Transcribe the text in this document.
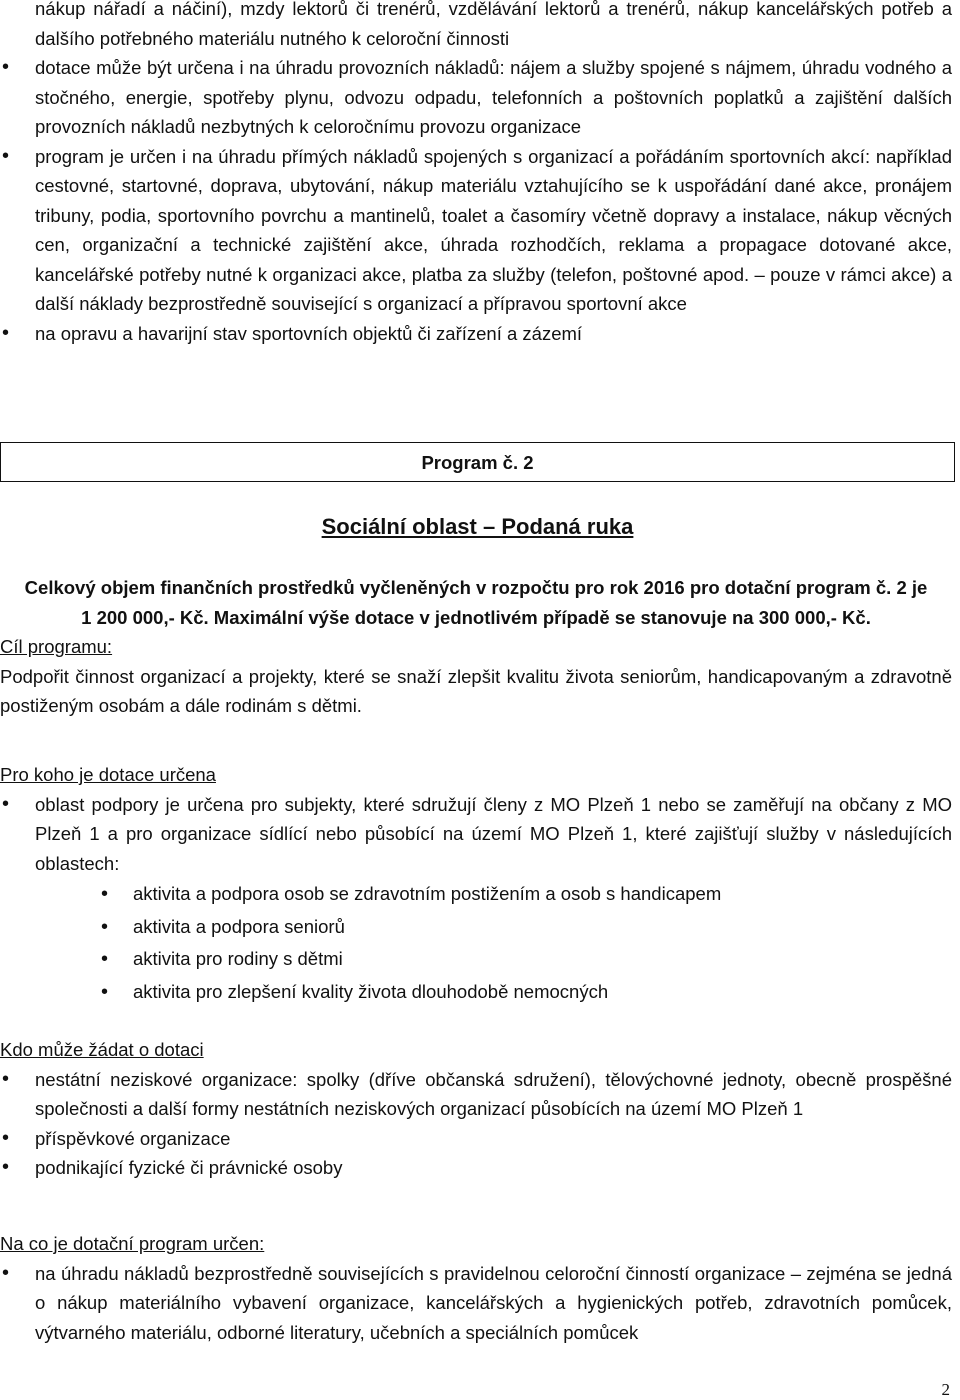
nákup nářadí a náčiní), mzdy lektorů či trenérů, vzdělávání lektorů a trenérů, nákup kancelářských potřeb a dalšího potřebného materiálu nutného k celoroční činnosti

• dotace může být určena i na úhradu provozních nákladů: nájem a služby spojené s nájmem, úhradu vodného a stočného, energie, spotřeby plynu, odvozu odpadu, telefonních a poštovních poplatků a zajištění dalších provozních nákladů nezbytných k celoročnímu provozu organizace
• program je určen i na úhradu přímých nákladů spojených s organizací a pořádáním sportovních akcí: například cestovné, startovné, doprava, ubytování, nákup materiálu vztahujícího se k uspořádání dané akce, pronájem tribuny, podia, sportovního povrchu a mantinelů, toalet a časomíry včetně dopravy a instalace, nákup věcných cen, organizační a technické zajištění akce, úhrada rozhodčích, reklama a propagace dotované akce, kancelářské potřeby nutné k organizaci akce, platba za služby (telefon, poštovné apod. – pouze v rámci akce) a další náklady bezprostředně související s organizací a přípravou sportovní akce
• na opravu a havarijní stav sportovních objektů či zařízení a zázemí
Program č. 2
Sociální oblast – Podaná ruka

Celkový objem finančních prostředků vyčleněných v rozpočtu pro rok 2016 pro dotační program č. 2 je

1 200 000,- Kč. Maximální výše dotace v jednotlivém případě se stanovuje na 300 000,- Kč.

Cíl programu:

Podpořit činnost organizací a projekty, které se snaží zlepšit kvalitu života seniorům, handicapovaným a zdravotně postiženým osobám a dále rodinám s dětmi.

Pro koho je dotace určena

• oblast podpory je určena pro subjekty, které sdružují členy z MO Plzeň 1 nebo se zaměřují na občany z MO Plzeň 1 a pro organizace sídlící nebo působící na území MO Plzeň 1, které zajišťují služby v následujících oblastech:
• aktivita a podpora osob se zdravotním postižením a osob s handicapem
• aktivita a podpora seniorů
• aktivita pro rodiny s dětmi
• aktivita pro zlepšení kvality života dlouhodobě nemocných

Kdo může žádat o dotaci

• nestátní neziskové organizace: spolky (dříve občanská sdružení), tělovýchovné jednoty, obecně prospěšné společnosti a další formy nestátních neziskových organizací působících na území MO Plzeň 1
• příspěvkové organizace
• podnikající fyzické či právnické osoby

Na co je dotační program určen:

• na úhradu nákladů bezprostředně souvisejících s pravidelnou celoroční činností organizace – zejména se jedná o nákup materiálního vybavení organizace, kancelářských a hygienických potřeb, zdravotních pomůcek, výtvarného materiálu, odborné literatury, učebních a speciálních pomůcek
2
